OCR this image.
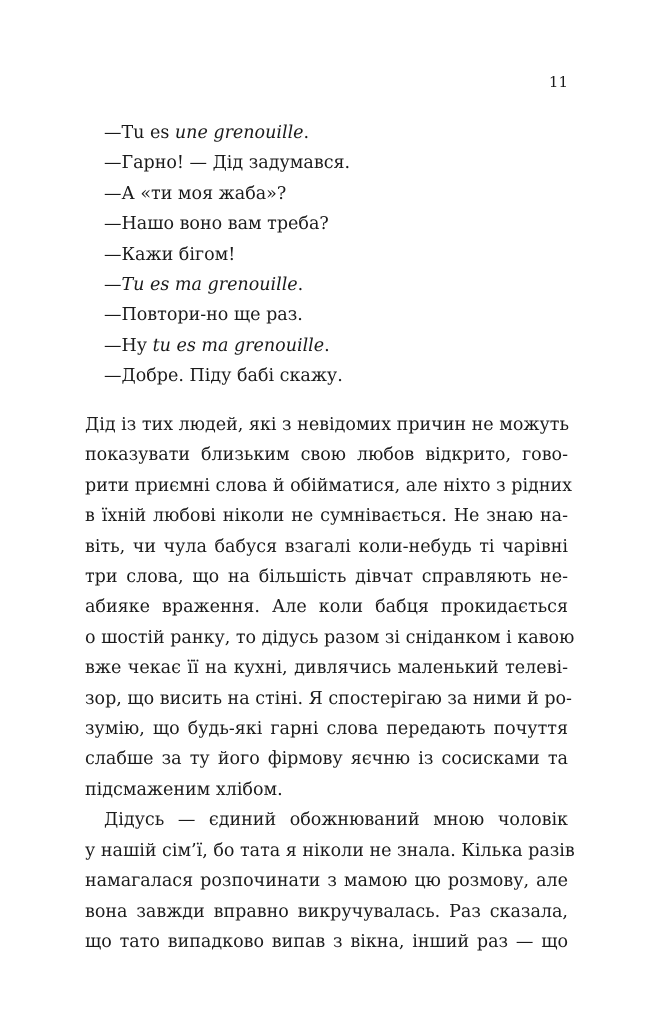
11

—Tu es une grenouille.
—Гарно! — Дід задумався.
—А «ти моя жаба»?
—Нашо воно вам треба?
—Кажи бігом!
—Tu es ma grenouille.
—Повтори-но ще раз.
—Ну tu es ma grenouille.
—Добре. Піду бабі скажу.

Дід із тих людей, які з невідомих причин не можуть
показувати близьким свою любов відкрито, гово-
рити приємні слова й обійматися, але ніхто з рідних
в їхній любові ніколи не сумнівається. Не знаю на-
віть, чи чула бабуся взагалі коли-небудь ті чарівні
три слова, що на більшість дівчат справляють не-
абияке враження. Але коли бабця прокидається
о шостій ранку, то дідусь разом зі сніданком і кавою
вже чекає її на кухні, дивлячись маленький телеві-
зор, що висить на стіні. Я спостерігаю за ними й ро-
зумію, що будь-які гарні слова передають почуття
слабше за ту його фірмову яєчню із сосисками та
підсмаженим хлібом.

Дідусь — єдиний обожнюваний мною чоловік
у нашій сім’ї, бо тата я ніколи не знала. Кілька разів
намагалася розпочинати з мамою цю розмову, але
вона завжди вправно викручувалась. Раз сказала,
що тато випадково випав з вікна, інший раз — що
